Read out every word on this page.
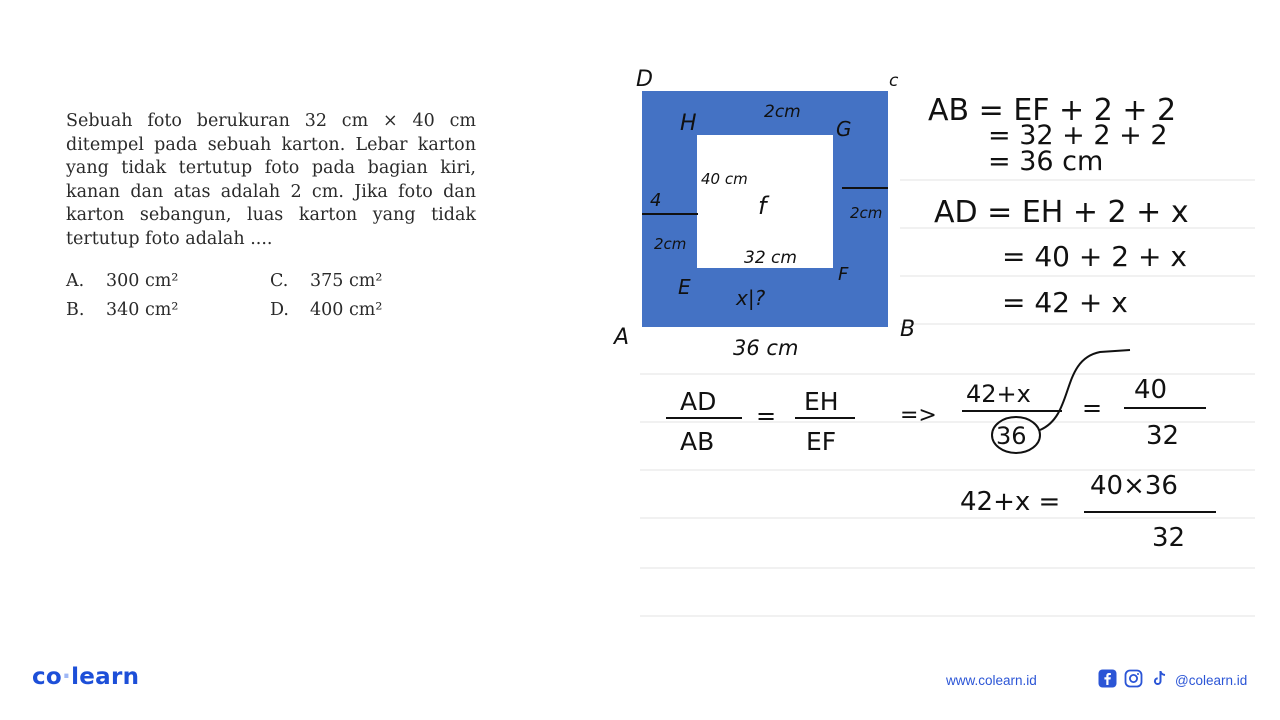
Sebuah foto berukuran 32 cm × 40 cm ditempel pada sebuah karton. Lebar karton yang tidak tertutup foto pada bagian kiri, kanan dan atas adalah 2 cm. Jika foto dan karton sebangun, luas karton yang tidak tertutup foto adalah ....
A. 300 cm²	C. 375 cm²
B. 340 cm²	D. 400 cm²
D	c
A	B
H	G
E
F
2cm
4
2cm
2cm
40 cm
f
32 cm
x|?
36 cm
AB = EF + 2 + 2
= 32 + 2 + 2
= 36 cm
AD = EH + 2 + x
= 40 + 2 + x
= 42 + x
AD
AB
= EH
EF
=>
42+x
36
=
40
32
42+x =
40×36
32
co·learn	www.colearn.id	@colearn.id
